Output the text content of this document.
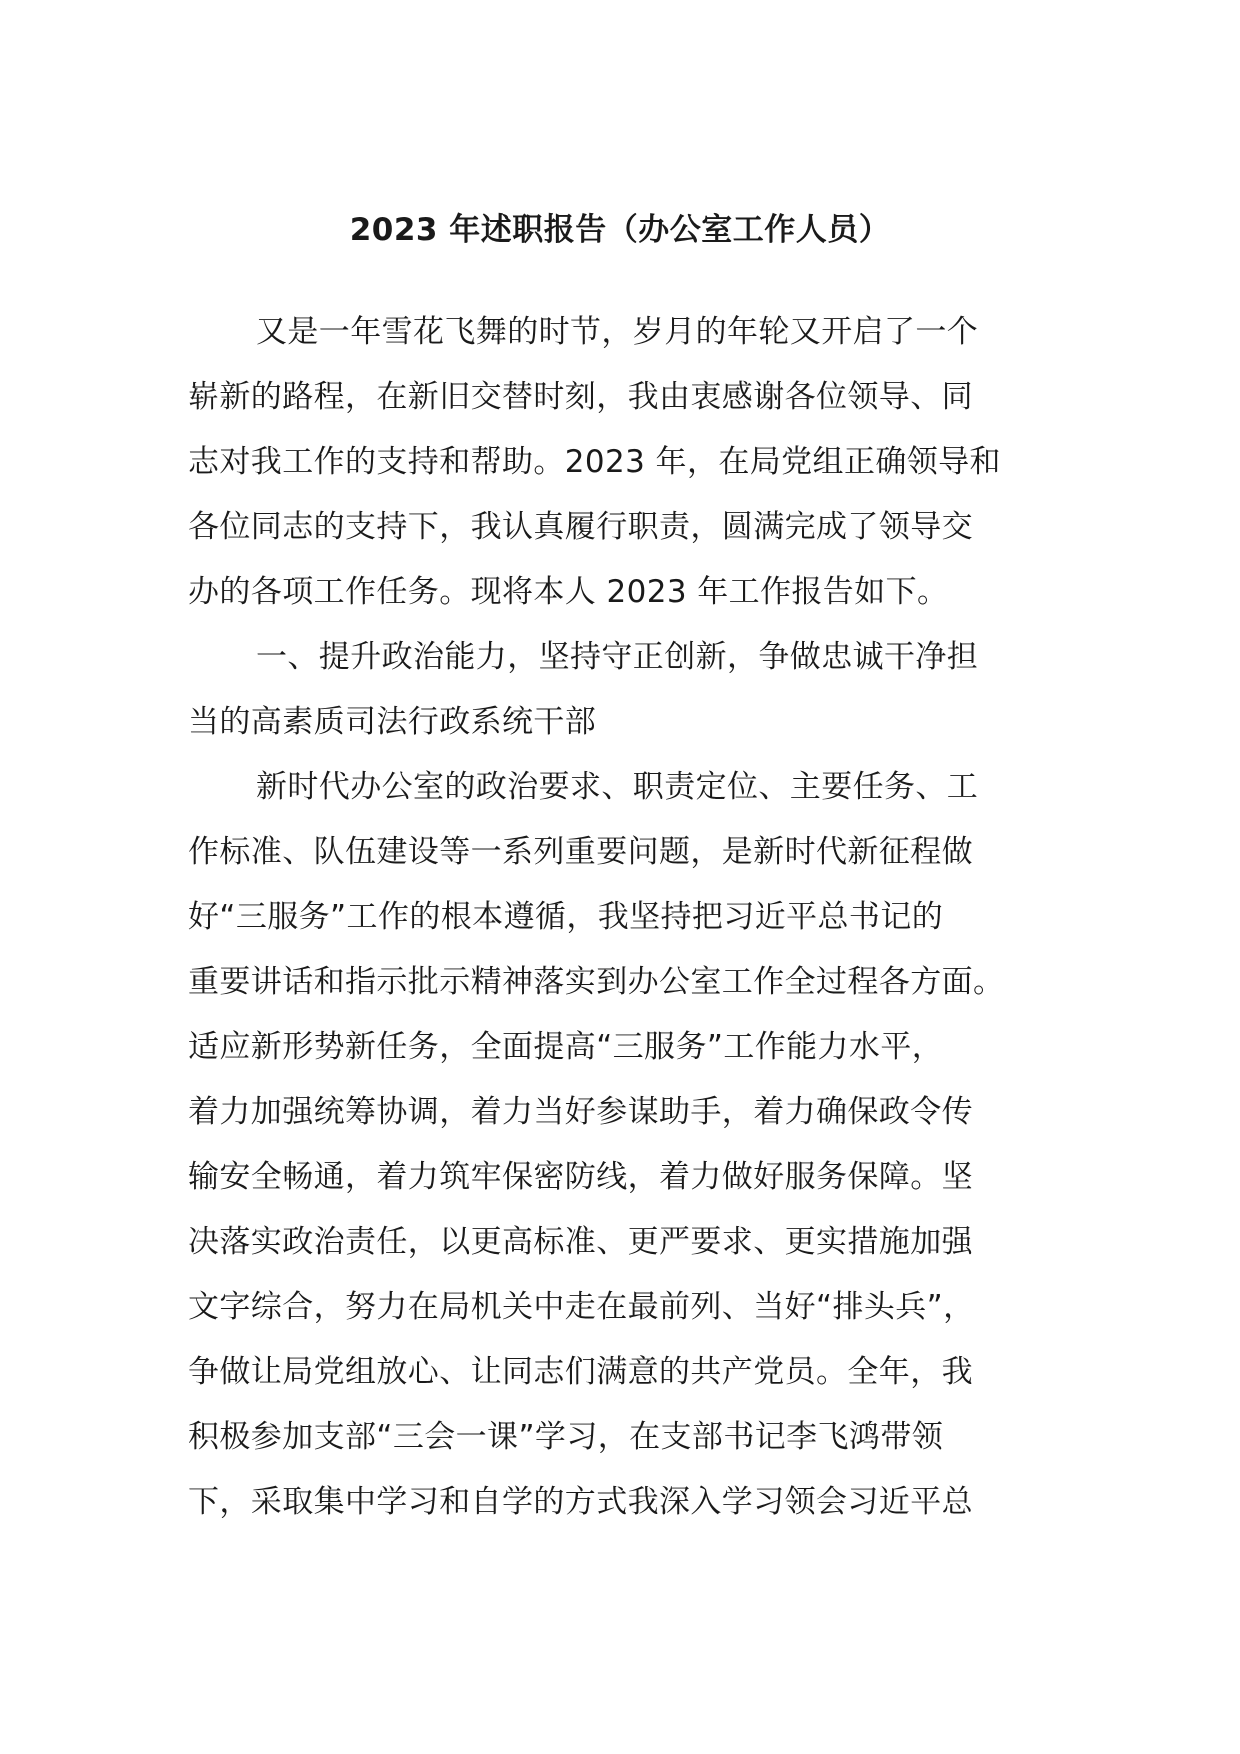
2023 年述职报告（办公室工作人员）
又是一年雪花飞舞的时节，岁月的年轮又开启了一个
崭新的路程，在新旧交替时刻，我由衷感谢各位领导、同
志对我工作的支持和帮助。2023 年，在局党组正确领导和
各位同志的支持下，我认真履行职责，圆满完成了领导交
办的各项工作任务。现将本人 2023 年工作报告如下。
一、提升政治能力，坚持守正创新，争做忠诚干净担
当的高素质司法行政系统干部
新时代办公室的政治要求、职责定位、主要任务、工
作标准、队伍建设等一系列重要问题，是新时代新征程做
好“三服务”工作的根本遵循，我坚持把习近平总书记的
重要讲话和指示批示精神落实到办公室工作全过程各方面。
适应新形势新任务，全面提高“三服务”工作能力水平，
着力加强统筹协调，着力当好参谋助手，着力确保政令传
输安全畅通，着力筑牢保密防线，着力做好服务保障。坚
决落实政治责任，以更高标准、更严要求、更实措施加强
文字综合，努力在局机关中走在最前列、当好“排头兵”，
争做让局党组放心、让同志们满意的共产党员。全年，我
积极参加支部“三会一课”学习，在支部书记李飞鸿带领
下，采取集中学习和自学的方式我深入学习领会习近平总
